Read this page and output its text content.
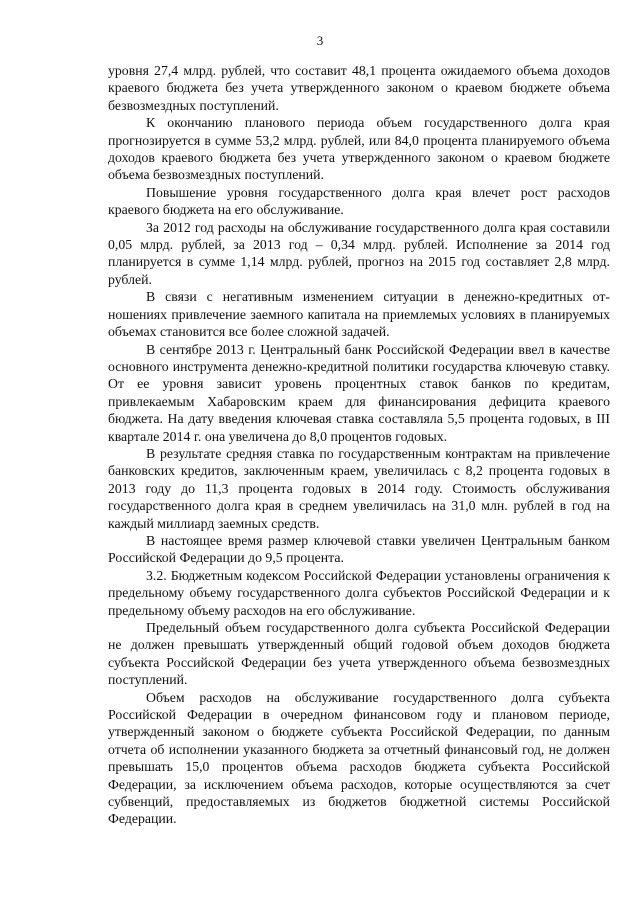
3

уровня 27,4 млрд. рублей, что составит 48,1 процента ожидаемого объема доходов краевого бюджета без учета утвержденного законом о краевом бюджете объема безвозмездных поступлений.

К окончанию планового периода объем государственного долга края прогнозируется в сумме 53,2 млрд. рублей, или 84,0 процента планируемого объема доходов краевого бюджета без учета утвержденного законом о краевом бюджете объема безвозмездных поступлений.

Повышение уровня государственного долга края влечет рост расходов краевого бюджета на его обслуживание.

За 2012 год расходы на обслуживание государственного долга края составили 0,05 млрд. рублей, за 2013 год – 0,34 млрд. рублей. Исполнение за 2014 год планируется в сумме 1,14 млрд. рублей, прогноз на 2015 год составляет 2,8 млрд. рублей.

В связи с негативным изменением ситуации в денежно-кредитных отношениях привлечение заемного капитала на приемлемых условиях в планируемых объемах становится все более сложной задачей.

В сентябре 2013 г. Центральный банк Российской Федерации ввел в качестве основного инструмента денежно-кредитной политики государства ключевую ставку. От ее уровня зависит уровень процентных ставок банков по кредитам, привлекаемым Хабаровским краем для финансирования дефицита краевого бюджета. На дату введения ключевая ставка составляла 5,5 процента годовых, в III квартале 2014 г. она увеличена до 8,0 процентов годовых.

В результате средняя ставка по государственным контрактам на привлечение банковских кредитов, заключенным краем, увеличилась с 8,2 процента годовых в 2013 году до 11,3 процента годовых в 2014 году. Стоимость обслуживания государственного долга края в среднем увеличилась на 31,0 млн. рублей в год на каждый миллиард заемных средств.

В настоящее время размер ключевой ставки увеличен Центральным банком Российской Федерации до 9,5 процента.

3.2. Бюджетным кодексом Российской Федерации установлены ограничения к предельному объему государственного долга субъектов Российской Федерации и к предельному объему расходов на его обслуживание.

Предельный объем государственного долга субъекта Российской Федерации не должен превышать утвержденный общий годовой объем доходов бюджета субъекта Российской Федерации без учета утвержденного объема безвозмездных поступлений.

Объем расходов на обслуживание государственного долга субъекта Российской Федерации в очередном финансовом году и плановом периоде, утвержденный законом о бюджете субъекта Российской Федерации, по данным отчета об исполнении указанного бюджета за отчетный финансовый год, не должен превышать 15,0 процентов объема расходов бюджета субъекта Российской Федерации, за исключением объема расходов, которые осуществляются за счет субвенций, предоставляемых из бюджетов бюджетной системы Российской Федерации.
